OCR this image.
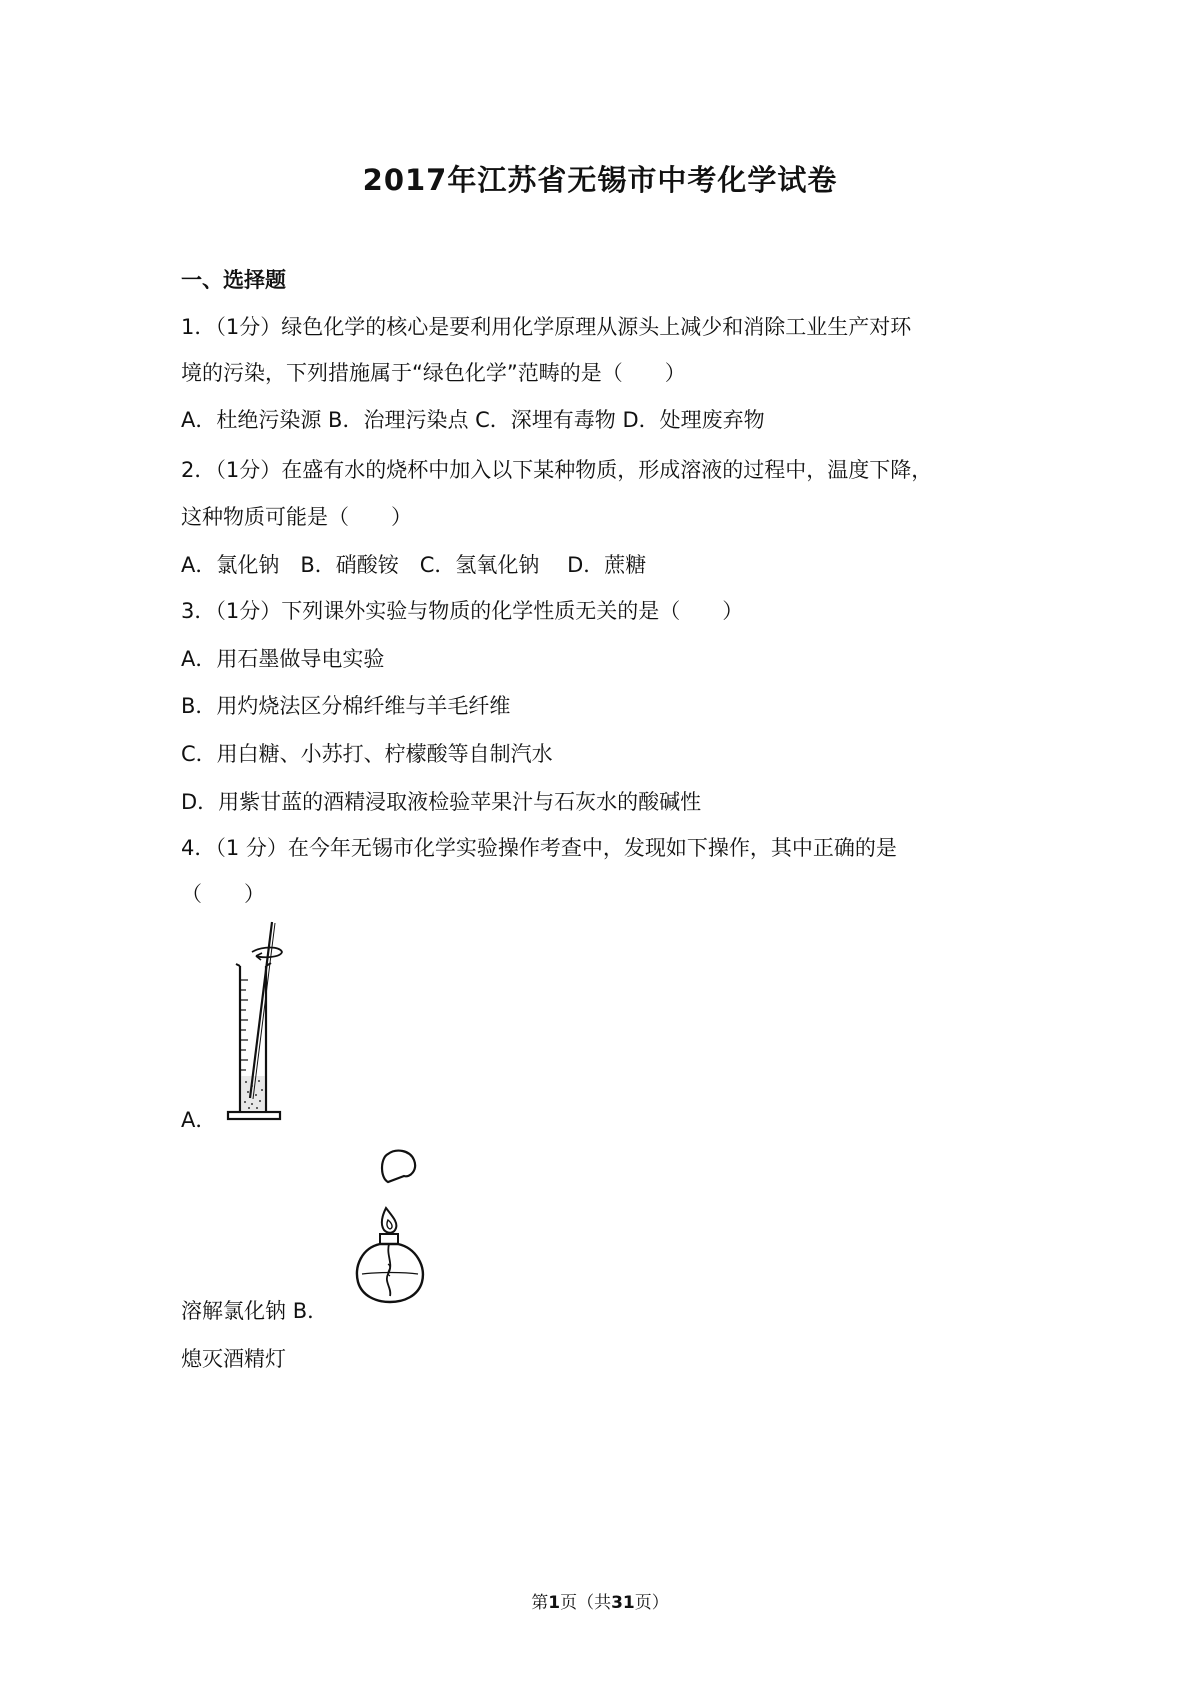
2017年江苏省无锡市中考化学试卷
一、选择题
1．（1分）绿色化学的核心是要利用化学原理从源头上减少和消除工业生产对环
境的污染，下列措施属于“绿色化学”范畴的是（　　）
A．杜绝污染源 B．治理污染点 C．深埋有毒物 D．处理废弃物
2．（1分）在盛有水的烧杯中加入以下某种物质，形成溶液的过程中，温度下降，
这种物质可能是（　　）
A．氯化钠　B．硝酸铵　C．氢氧化钠　 D．蔗糖
3．（1分）下列课外实验与物质的化学性质无关的是（　　）
A．用石墨做导电实验
B．用灼烧法区分棉纤维与羊毛纤维
C．用白糖、小苏打、柠檬酸等自制汽水
D．用紫甘蓝的酒精浸取液检验苹果汁与石灰水的酸碱性
4．（1 分）在今年无锡市化学实验操作考查中，发现如下操作，其中正确的是
（　　）
A．
溶解氯化钠 B．
熄灭酒精灯
第1页（共31页）
